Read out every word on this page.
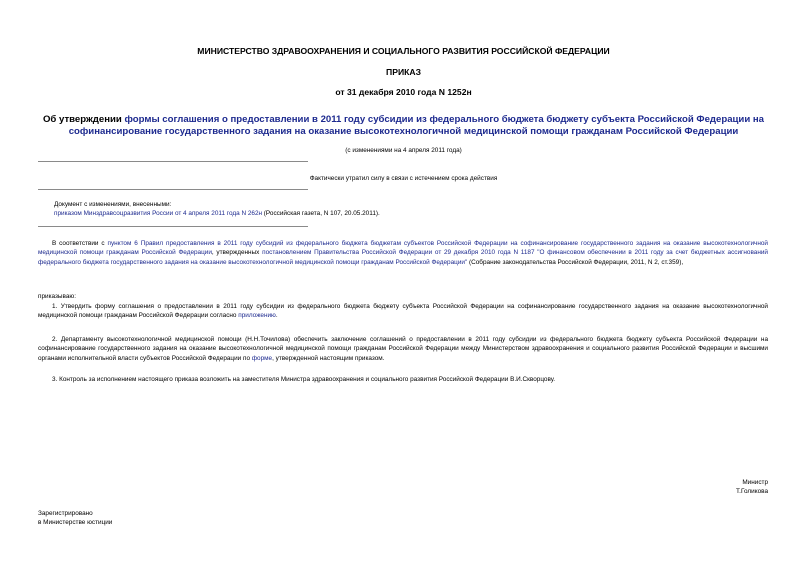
МИНИСТЕРСТВО ЗДРАВООХРАНЕНИЯ И СОЦИАЛЬНОГО РАЗВИТИЯ РОССИЙСКОЙ ФЕДЕРАЦИИ
ПРИКАЗ
от 31 декабря 2010 года N 1252н
Об утверждении формы соглашения о предоставлении в 2011 году субсидии из федерального бюджета бюджету субъекта Российской Федерации на
софинансирование государственного задания на оказание высокотехнологичной медицинской помощи гражданам Российской Федерации
(с изменениями на 4 апреля 2011 года)
Фактически утратил силу в связи с истечением срока действия
Документ с изменениями, внесенными:
приказом Минздравсоцразвития России от 4 апреля 2011 года N 262н (Российская газета, N 107, 20.05.2011).
В соответствии с пунктом 6 Правил предоставления в 2011 году субсидий из федерального бюджета бюджетам субъектов Российской Федерации на софинансирование государственного задания на оказание высокотехнологичной медицинской помощи гражданам Российской Федерации, утвержденных постановлением Правительства Российской Федерации от 29 декабря 2010 года N 1187 "О финансовом обеспечении в 2011 году за счет бюджетных ассигнований федерального бюджета государственного задания на оказание высокотехнологичной медицинской помощи гражданам Российской Федерации" (Собрание законодательства Российской Федерации, 2011, N 2, ст.359),
приказываю:
1. Утвердить форму соглашения о предоставлении в 2011 году субсидии из федерального бюджета бюджету субъекта Российской Федерации на софинансирование государственного задания на оказание высокотехнологичной медицинской помощи гражданам Российской Федерации согласно приложению.
2. Департаменту высокотехнологичной медицинской помощи (Н.Н.Точилова) обеспечить заключение соглашений о предоставлении в 2011 году субсидии из федерального бюджета бюджету субъекта Российской Федерации на софинансирование государственного задания на оказание высокотехнологичной медицинской помощи гражданам Российской Федерации между Министерством здравоохранения и социального развития Российской Федерации и высшими органами исполнительной власти субъектов Российской Федерации по форме, утвержденной настоящим приказом.
3. Контроль за исполнением настоящего приказа возложить на заместителя Министра здравоохранения и социального развития Российской Федерации В.И.Скворцову.
Министр
Т.Голикова
Зарегистрировано
в Министерстве юстиции
